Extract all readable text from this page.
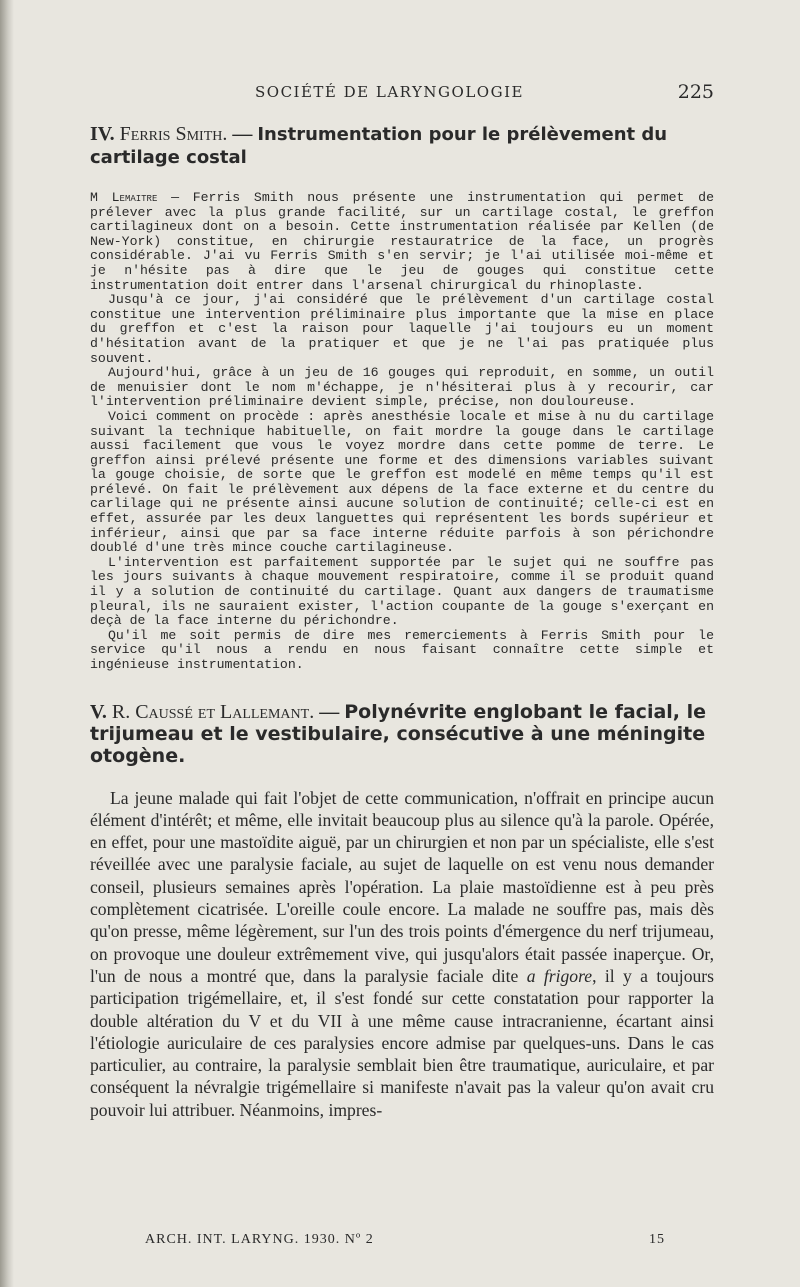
SOCIÉTÉ DE LARYNGOLOGIE	225
IV. Ferris Smith. — Instrumentation pour le prélèvement du cartilage costal

M Lemaitre — Ferris Smith nous présente une instrumentation qui permet de prélever avec la plus grande facilité, sur un cartilage costal, le greffon cartilagineux dont on a besoin. Cette instrumentation réalisée par Kellen (de New-York) constitue, en chirurgie restauratrice de la face, un progrès considérable. J'ai vu Ferris Smith s'en servir; je l'ai utilisée moi-même et je n'hésite pas à dire que le jeu de gouges qui constitue cette instrumentation doit entrer dans l'arsenal chirurgical du rhinoplaste.

Jusqu'à ce jour, j'ai considéré que le prélèvement d'un cartilage costal constitue une intervention préliminaire plus importante que la mise en place du greffon et c'est la raison pour laquelle j'ai toujours eu un moment d'hésitation avant de la pratiquer et que je ne l'ai pas pratiquée plus souvent.

Aujourd'hui, grâce à un jeu de 16 gouges qui reproduit, en somme, un outil de menuisier dont le nom m'échappe, je n'hésiterai plus à y recourir, car l'intervention préliminaire devient simple, précise, non douloureuse.

Voici comment on procède : après anesthésie locale et mise à nu du cartilage suivant la technique habituelle, on fait mordre la gouge dans le cartilage aussi facilement que vous le voyez mordre dans cette pomme de terre. Le greffon ainsi prélevé présente une forme et des dimensions variables suivant la gouge choisie, de sorte que le greffon est modelé en même temps qu'il est prélevé. On fait le prélèvement aux dépens de la face externe et du centre du carlilage qui ne présente ainsi aucune solution de continuité; celle-ci est en effet, assurée par les deux languettes qui représentent les bords supérieur et inférieur, ainsi que par sa face interne réduite parfois à son périchondre doublé d'une très mince couche cartilagineuse.

L'intervention est parfaitement supportée par le sujet qui ne souffre pas les jours suivants à chaque mouvement respiratoire, comme il se produit quand il y a solution de continuité du cartilage. Quant aux dangers de traumatisme pleural, ils ne sauraient exister, l'action coupante de la gouge s'exerçant en deçà de la face interne du périchondre.

Qu'il me soit permis de dire mes remerciements à Ferris Smith pour le service qu'il nous a rendu en nous faisant connaître cette simple et ingénieuse instrumentation.

V. R. Caussé et Lallemant. — Polynévrite englobant le facial, le trijumeau et le vestibulaire, consécutive à une méningite otogène.

La jeune malade qui fait l'objet de cette communication, n'offrait en principe aucun élément d'intérêt; et même, elle invitait beaucoup plus au silence qu'à la parole. Opérée, en effet, pour une mastoïdite aiguë, par un chirurgien et non par un spécialiste, elle s'est réveillée avec une paralysie faciale, au sujet de laquelle on est venu nous demander conseil, plusieurs semaines après l'opération. La plaie mastoïdienne est à peu près complètement cicatrisée. L'oreille coule encore. La malade ne souffre pas, mais dès qu'on presse, même légèrement, sur l'un des trois points d'émergence du nerf trijumeau, on provoque une douleur extrêmement vive, qui jusqu'alors était passée inaperçue. Or, l'un de nous a montré que, dans la paralysie faciale dite a frigore, il y a toujours participation trigémellaire, et, il s'est fondé sur cette constatation pour rapporter la double altération du V et du VII à une même cause intracranienne, écartant ainsi l'étiologie auriculaire de ces paralysies encore admise par quelques-uns. Dans le cas particulier, au contraire, la paralysie semblait bien être traumatique, auriculaire, et par conséquent la névralgie trigémellaire si manifeste n'avait pas la valeur qu'on avait cru pouvoir lui attribuer. Néanmoins, impres-

ARCH. INT. LARYNG. 1930. Nº 2	15
